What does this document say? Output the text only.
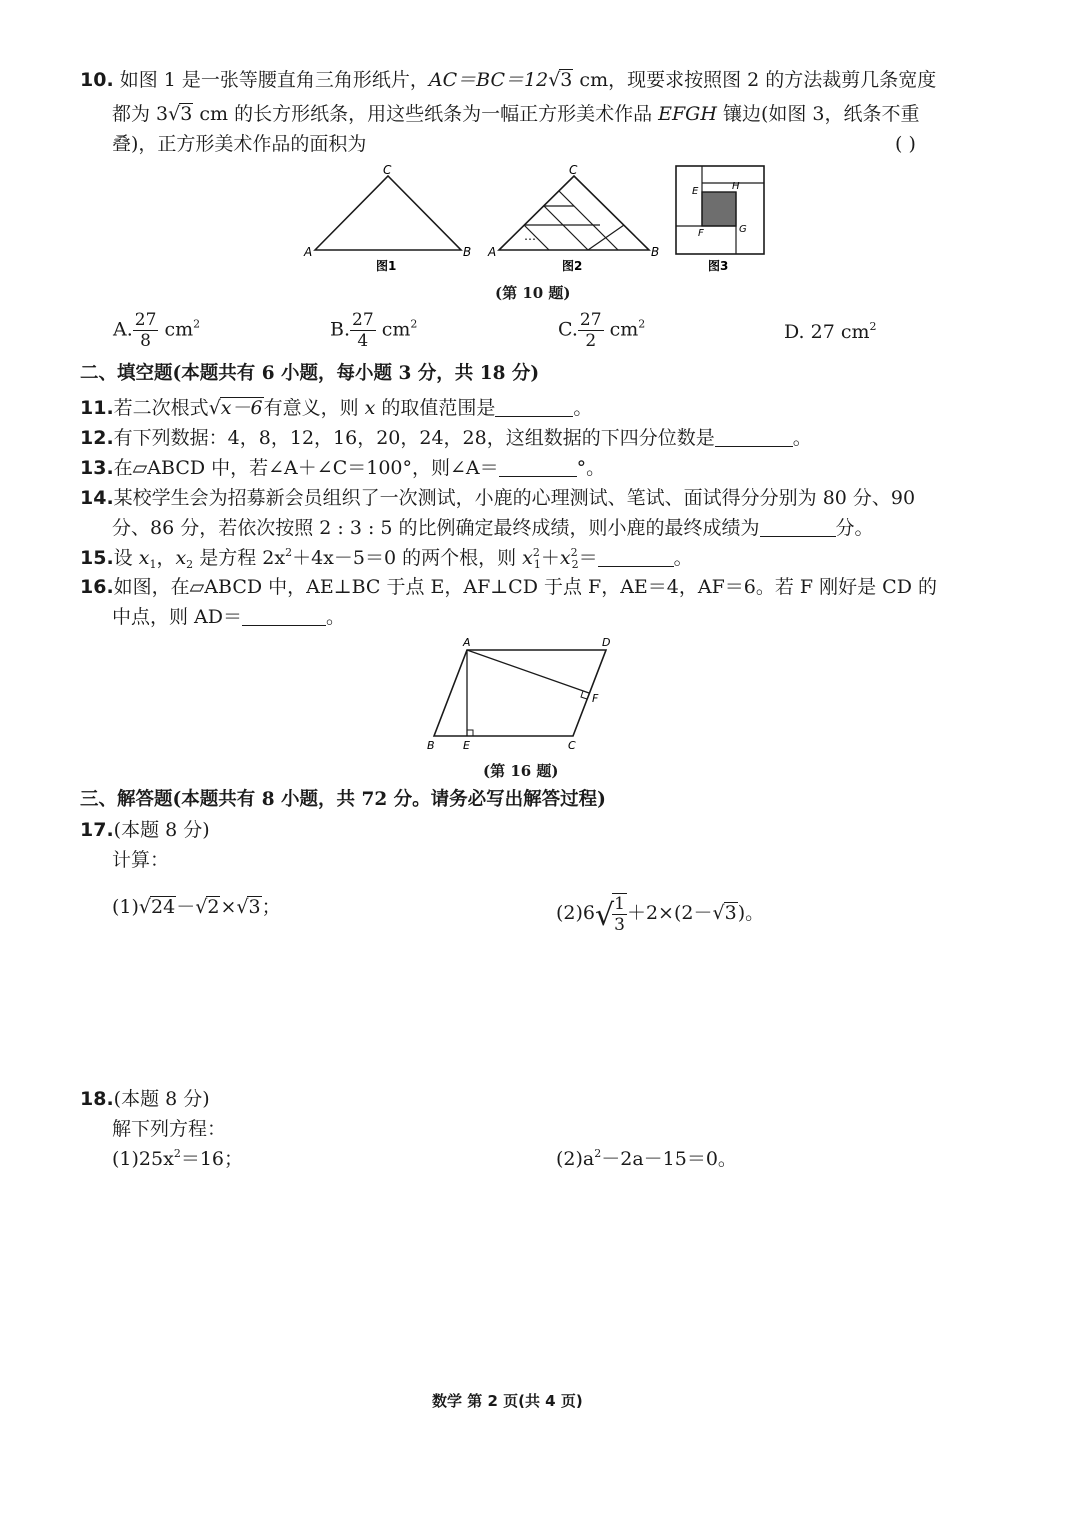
10. 如图 1 是一张等腰直角三角形纸片，AC＝BC＝12√3 cm，现要求按照图 2 的方法裁剪几条宽度
都为 3√3 cm 的长方形纸条，用这些纸条为一幅正方形美术作品 EFGH 镶边(如图 3，纸条不重
叠)，正方形美术作品的面积为	( )
A
C
B
图1
…
A
C
B
图2
E	H
F	G
图3
(第 10 题)
A. $\frac{27}{8} cm^2$	B. $\frac{27}{4} cm^2$	C. $\frac{27}{2} cm^2$	D. 27 $cm^2$
二、填空题(本题共有 6 小题，每小题 3 分，共 18 分)
11.若二次根式√x－6有意义，则 x 的取值范围是	。
12.有下列数据：4，8，12，16，20，24，28，这组数据的下四分位数是	。
13.在▱ABCD 中，若∠A＋∠C＝100°，则∠A＝	°。
14.某校学生会为招募新会员组织了一次测试，小鹿的心理测试、笔试、面试得分分别为 80 分、90
分、86 分，若依次按照 2 : 3 : 5 的比例确定最终成绩，则小鹿的最终成绩为	分。
15.设 $x_1$，$x_2$ 是方程 $2x^2+4x-5=0$ 的两个根，则 $x^2_1+x^2_2=$	。
16.如图，在▱ABCD 中，AE⊥BC 于点 E，AF⊥CD 于点 F，AE＝4，AF＝6。若 F 刚好是 CD 的
中点，则 AD＝	。
A	D
F
B	E	C
(第 16 题)
三、解答题(本题共有 8 小题，共 72 分。请务必写出解答过程)
17.(本题 8 分)
计算：
(1)√24－√2×√3；	(2)6√
$\frac{1}{3} +2\times(2-√3)$。
18.(本题 8 分)
解下列方程：
$(1)25x^2=16$；	$(2)a^2-2a-15=0$。
数学 第 2 页(共 4 页)
